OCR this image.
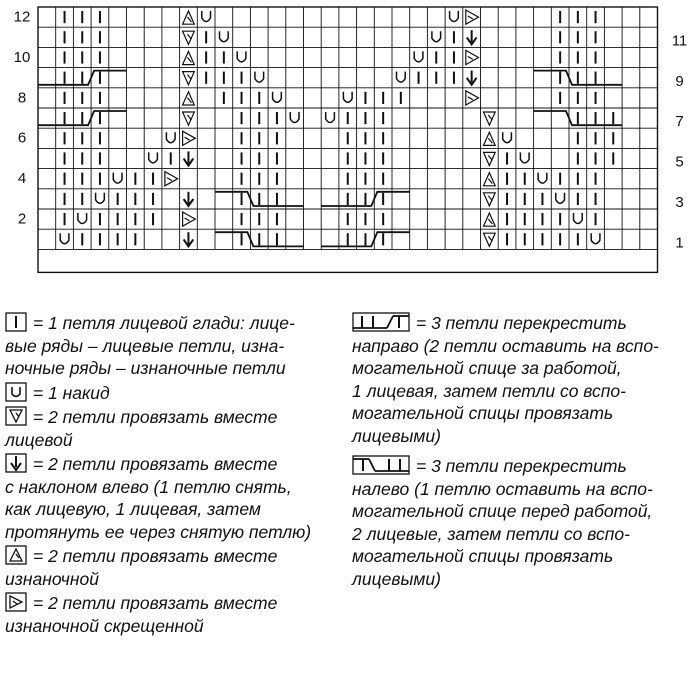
12
10
8
6
4
2
11
9
7
5
3
1
= 1 петля лицевой глади: лице-
вые ряды – лицевые петли, изна-
ночные ряды – изнаночные петли
= 1 накид
= 2 петли провязать вместе
лицевой
= 2 петли провязать вместе
с наклоном влево (1 петлю снять,
как лицевую, 1 лицевая, затем
протянуть ее через снятую петлю)
= 2 петли провязать вместе
изнаночной
= 2 петли провязать вместе
изнаночной скрещенной
= 3 петли перекрестить
направо (2 петли оставить на вспо-
могательной спице за работой,
1 лицевая, затем петли со вспо-
могательной спицы провязать
лицевыми)
= 3 петли перекрестить
налево (1 петлю оставить на вспо-
могательной спице перед работой,
2 лицевые, затем петли со вспо-
могательной спицы провязать
лицевыми)
